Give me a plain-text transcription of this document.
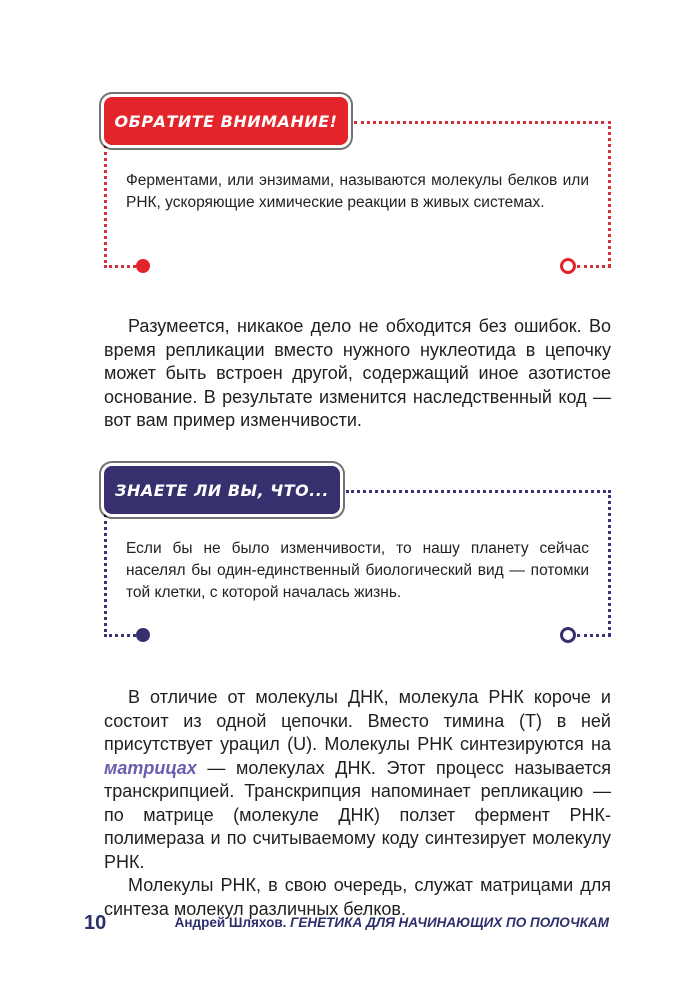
ОБРАТИТЕ ВНИМАНИЕ!
Ферментами, или энзимами, называются молекулы белков или РНК, ускоряющие химические реакции в живых системах.

Разумеется, никакое дело не обходится без ошибок. Во время репликации вместо нужного нуклеотида в цепочку может быть встроен другой, содержащий иное азотистое основание. В результате изменится наследственный код — вот вам пример изменчивости.

ЗНАЕТЕ ЛИ ВЫ, ЧТО...
Если бы не было изменчивости, то нашу планету сейчас населял бы один-единственный биологический вид — потомки той клетки, с которой началась жизнь.

В отличие от молекулы ДНК, молекула РНК короче и состоит из одной цепочки. Вместо тимина (Т) в ней присутствует урацил (U). Молекулы РНК синтезируются на матрицах — молекулах ДНК. Этот процесс называется транскрипцией. Транскрипция напоминает репликацию — по матрице (молекуле ДНК) ползет фермент РНК-полимераза и по считываемому коду синтезирует молекулу РНК.

Молекулы РНК, в свою очередь, служат матрицами для синтеза молекул различных белков.

10	Андрей Шляхов. ГЕНЕТИКА ДЛЯ НАЧИНАЮЩИХ ПО ПОЛОЧКАМ
